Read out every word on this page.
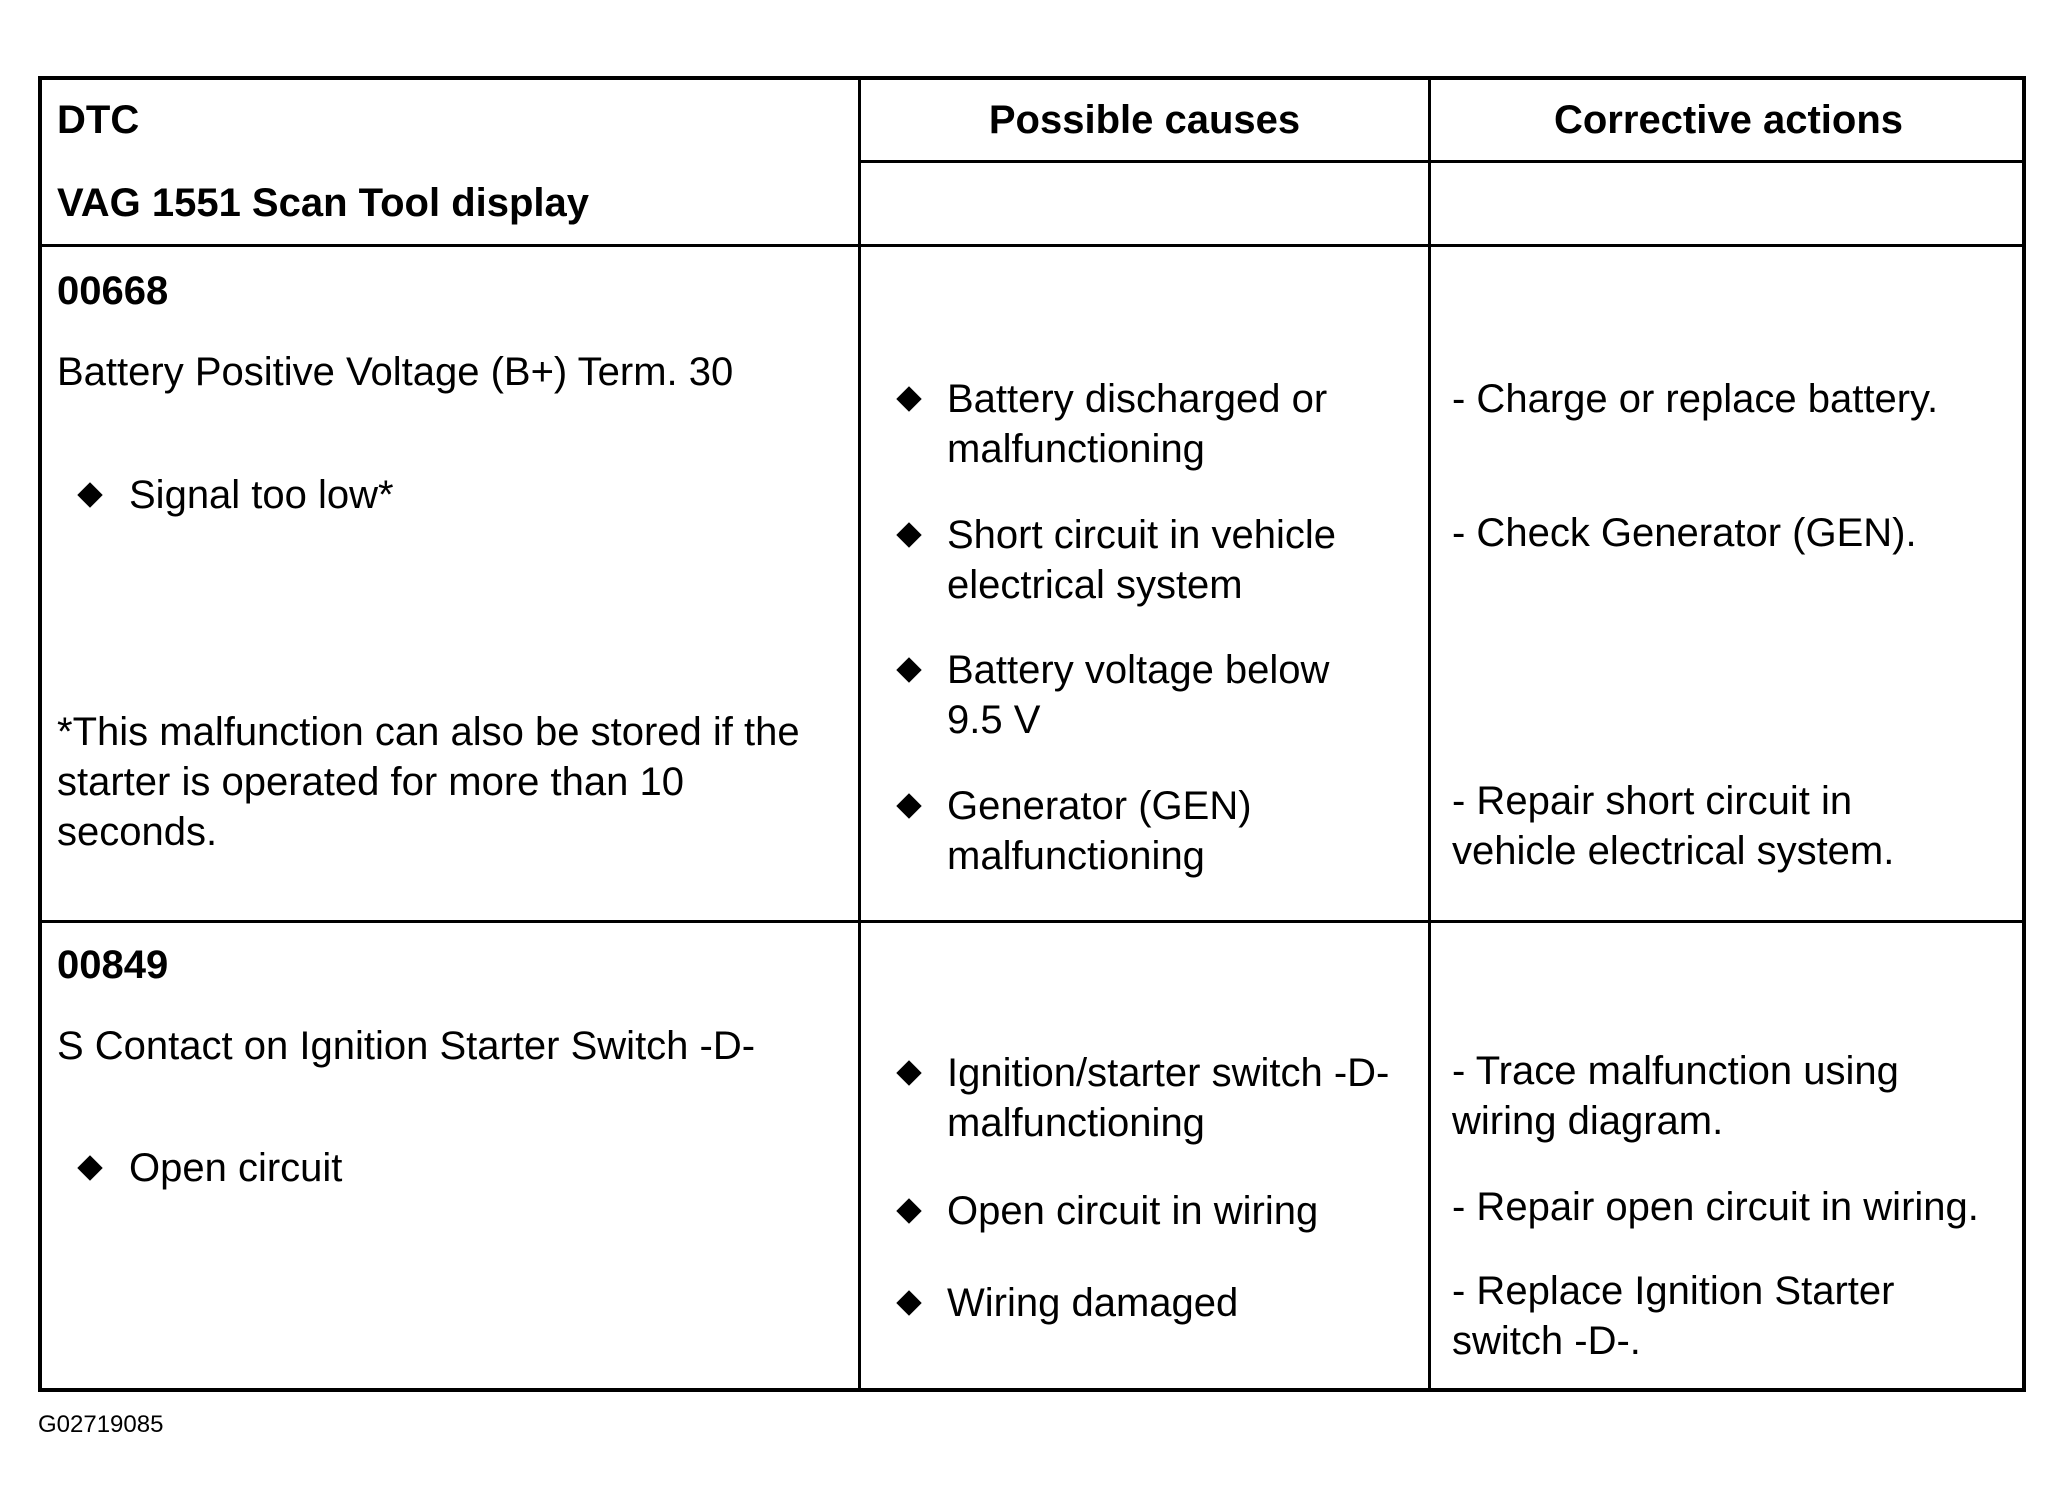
DTC
VAG 1551 Scan Tool display
Possible causes	Corrective actions
00668
Battery Positive Voltage (B+) Term. 30
Signal too low*
*This malfunction can also be stored if the
starter is operated for more than 10
seconds.
Battery discharged or
malfunctioning
Short circuit in vehicle
electrical system
Battery voltage below
9.5 V
Generator (GEN)
malfunctioning
- Charge or replace battery.
- Check Generator (GEN).
- Repair short circuit in
vehicle electrical system.
00849
S Contact on Ignition Starter Switch -D-
Open circuit
Ignition/starter switch -D-
malfunctioning
Open circuit in wiring
Wiring damaged
- Trace malfunction using
wiring diagram.
- Repair open circuit in wiring.
- Replace Ignition Starter
switch -D-.
G02719085
